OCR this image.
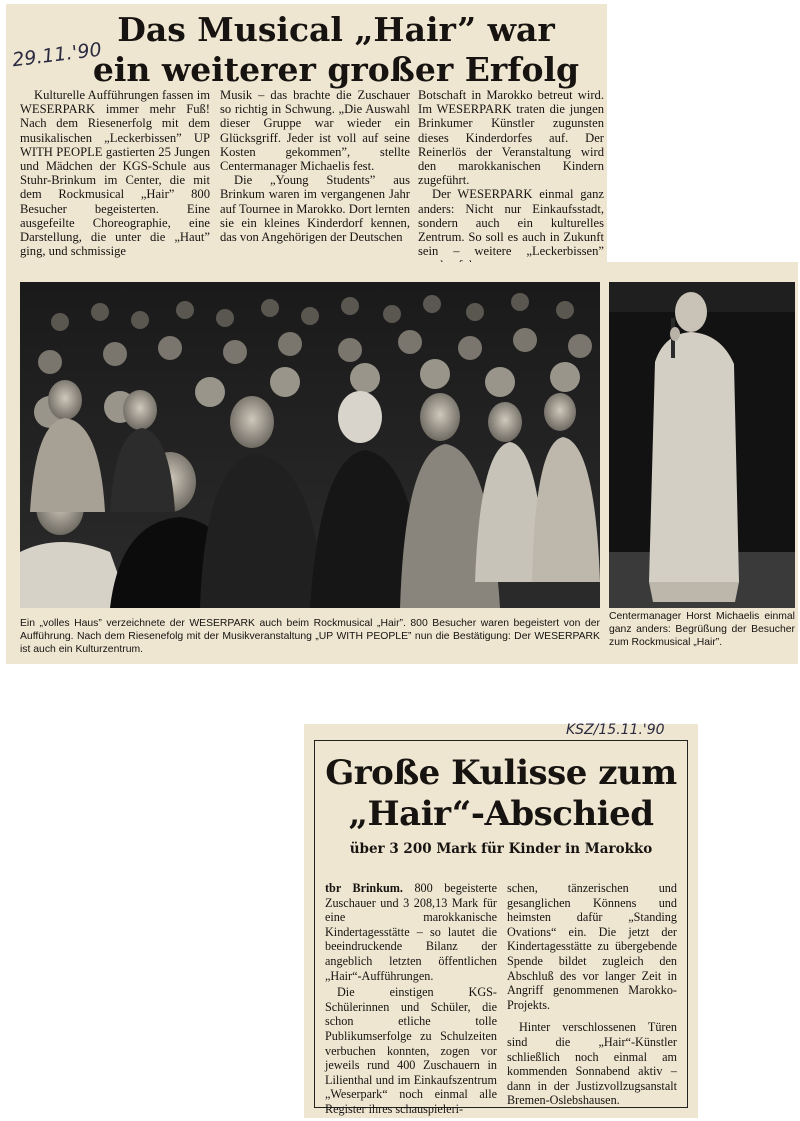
29.11.'90
Das Musical „Hair” war
ein weiterer großer Erfolg

Kulturelle Aufführungen fassen im WESERPARK immer mehr Fuß! Nach dem Riesenerfolg mit dem musikalischen „Leckerbissen” UP WITH PEOPLE gastierten 25 Jungen und Mädchen der KGS-Schule aus Stuhr-Brinkum im Center, die mit dem Rockmusical „Hair” 800 Besucher begeisterten. Eine ausgefeilte Choreographie, eine Darstellung, die unter die „Haut” ging, und schmissige

Musik – das brachte die Zuschauer so richtig in Schwung. „Die Auswahl dieser Gruppe war wieder ein Glücksgriff. Jeder ist voll auf seine Kosten gekommen”, stellte Centermanager Michaelis fest.

Die „Young Students” aus Brinkum waren im vergangenen Jahr auf Tournee in Marokko. Dort lernten sie ein kleines Kinderdorf kennen, das von Angehörigen der Deutschen

Botschaft in Marokko betreut wird. Im WESERPARK traten die jungen Brinkumer Künstler zugunsten dieses Kinderdorfes auf. Der Reinerlös der Veranstaltung wird den marokkanischen Kindern zugeführt.

Der WESERPARK einmal ganz anders: Nicht nur Einkaufsstadt, sondern auch ein kulturelles Zentrum. So soll es auch in Zukunft sein – weitere „Leckerbissen”

Ein „volles Haus” verzeichnete der WESERPARK auch beim Rockmusical „Hair”. 800 Besucher waren begeistert von der Aufführung. Nach dem Riesenefolg mit der Musikveranstaltung „UP WITH PEOPLE” nun die Bestätigung: Der WESERPARK ist auch ein Kulturzentrum.

Centermanager Horst Michaelis einmal ganz anders: Begrüßung der Besucher zum Rockmusical „Hair”.

KSZ/15.11.'90
Große Kulisse zum
„Hair“-Abschied

über 3 200 Mark für Kinder in Marokko

tbr Brinkum. 800 begeisterte Zuschauer und 3 208,13 Mark für eine marokkanische Kindertagesstätte – so lautet die beeindruckende Bilanz der angeblich letzten öffentlichen „Hair“-Aufführungen.

Die einstigen KGS-Schülerinnen und Schüler, die schon etliche tolle Publikumserfolge zu Schulzeiten verbuchen konnten, zogen vor jeweils rund 400 Zuschauern in Lilienthal und im Einkaufszentrum „Weserpark“ noch einmal alle Register ihres schauspieleri-

schen, tänzerischen und gesanglichen Könnens und heimsten dafür „Standing Ovations“ ein. Die jetzt der Kindertagesstätte zu übergebende Spende bildet zugleich den Abschluß des vor langer Zeit in Angriff genommenen Marokko-Projekts.

Hinter verschlossenen Türen sind die „Hair“-Künstler schließlich noch einmal am kommenden Sonnabend aktiv – dann in der Justizvollzugsanstalt Bremen-Oslebshausen.
